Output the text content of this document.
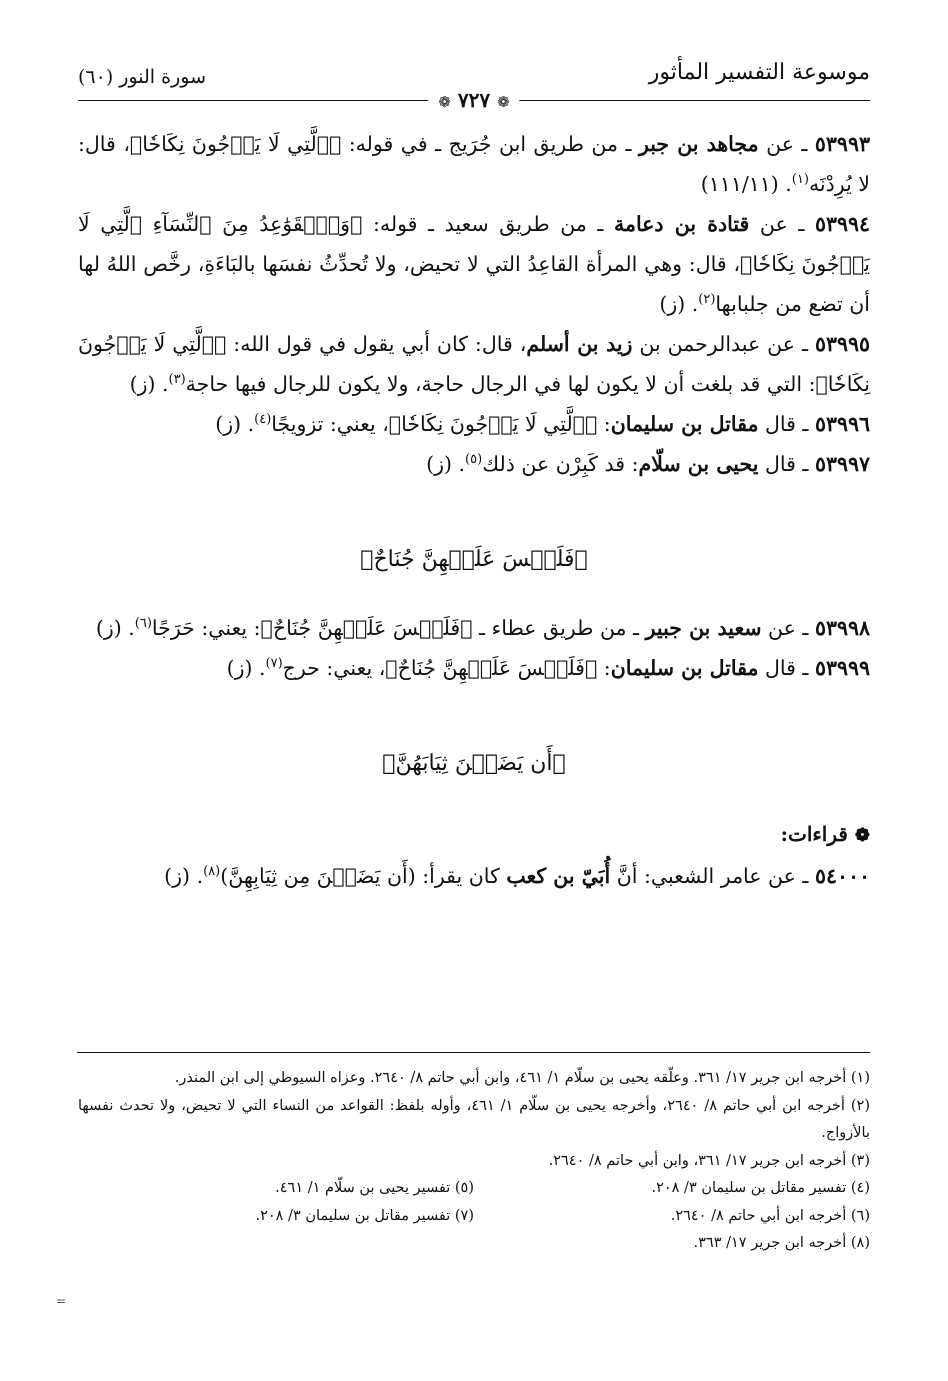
موسوعة التفسير المأثور
سورة النور (٦٠)
❁ ٧٢٧ ❁

٥٣٩٩٣ ـ عن مجاهد بن جبر ـ من طريق ابن جُرَيج ـ في قوله: ﴿ٱلَّتِي لَا يَرۡجُونَ نِكَاحٗا﴾، قال: لا يُرِدْنَه$^{(١)}$. (١١١/١١)

٥٣٩٩٤ ـ عن قتادة بن دعامة ـ من طريق سعيد ـ قوله: ﴿وَٱلۡقَوَٰعِدُ مِنَ ٱلنِّسَآءِ ٱلَّتِي لَا يَرۡجُونَ نِكَاحٗا﴾، قال: وهي المرأة القاعِدُ التي لا تحيض، ولا تُحدِّثُ نفسَها بالبَاءَةِ، رخَّص اللهُ لها أن تضع من جلبابها$^{(٢)}$. (ز)

٥٣٩٩٥ ـ عن عبدالرحمن بن زيد بن أسلم، قال: كان أبي يقول في قول الله: ﴿ٱلَّتِي لَا يَرۡجُونَ نِكَاحٗا﴾: التي قد بلغت أن لا يكون لها في الرجال حاجة، ولا يكون للرجال فيها حاجة$^{(٣)}$. (ز)

٥٣٩٩٦ ـ قال مقاتل بن سليمان: ﴿ٱلَّتِي لَا يَرۡجُونَ نِكَاحٗا﴾، يعني: تزويجًا$^{(٤)}$. (ز)

٥٣٩٩٧ ـ قال يحيى بن سلّام: قد كَبِرْن عن ذلك$^{(٥)}$. (ز)

﴿فَلَيۡسَ عَلَيۡهِنَّ جُنَاحٌ﴾

٥٣٩٩٨ ـ عن سعيد بن جبير ـ من طريق عطاء ـ ﴿فَلَيۡسَ عَلَيۡهِنَّ جُنَاحٌ﴾: يعني: حَرَجًا$^{(٦)}$. (ز)

٥٣٩٩٩ ـ قال مقاتل بن سليمان: ﴿فَلَيۡسَ عَلَيۡهِنَّ جُنَاحٌ﴾، يعني: حرج$^{(٧)}$. (ز)

﴿أَن يَضَعۡنَ ثِيَابَهُنَّ﴾

❁ قراءات:

٥٤٠٠٠ ـ عن عامر الشعبي: أنَّ أُبَيّ بن كعب كان يقرأ: (أَن يَضَعۡنَ مِن ثِيَابِهِنَّ)$^{(٨)}$. (ز)

(١) أخرجه ابن جرير ١٧/ ٣٦١. وعلّقه يحيى بن سلّام ١/ ٤٦١، وابن أبي حاتم ٨/ ٢٦٤٠. وعزاه السيوطي إلى ابن المنذر.

(٢) أخرجه ابن أبي حاتم ٨/ ٢٦٤٠، وأخرجه يحيى بن سلّام ١/ ٤٦١، وأوله بلفظ: القواعد من النساء التي لا تحيض، ولا تحدث نفسها بالأزواج.

(٣) أخرجه ابن جرير ١٧/ ٣٦١، وابن أبي حاتم ٨/ ٢٦٤٠.

(٤) تفسير مقاتل بن سليمان ٣/ ٢٠٨.
(٥) تفسير يحيى بن سلّام ١/ ٤٦١.
(٦) أخرجه ابن أبي حاتم ٨/ ٢٦٤٠.
(٧) تفسير مقاتل بن سليمان ٣/ ٢٠٨.

(٨) أخرجه ابن جرير ١٧/ ٣٦٣.

=
